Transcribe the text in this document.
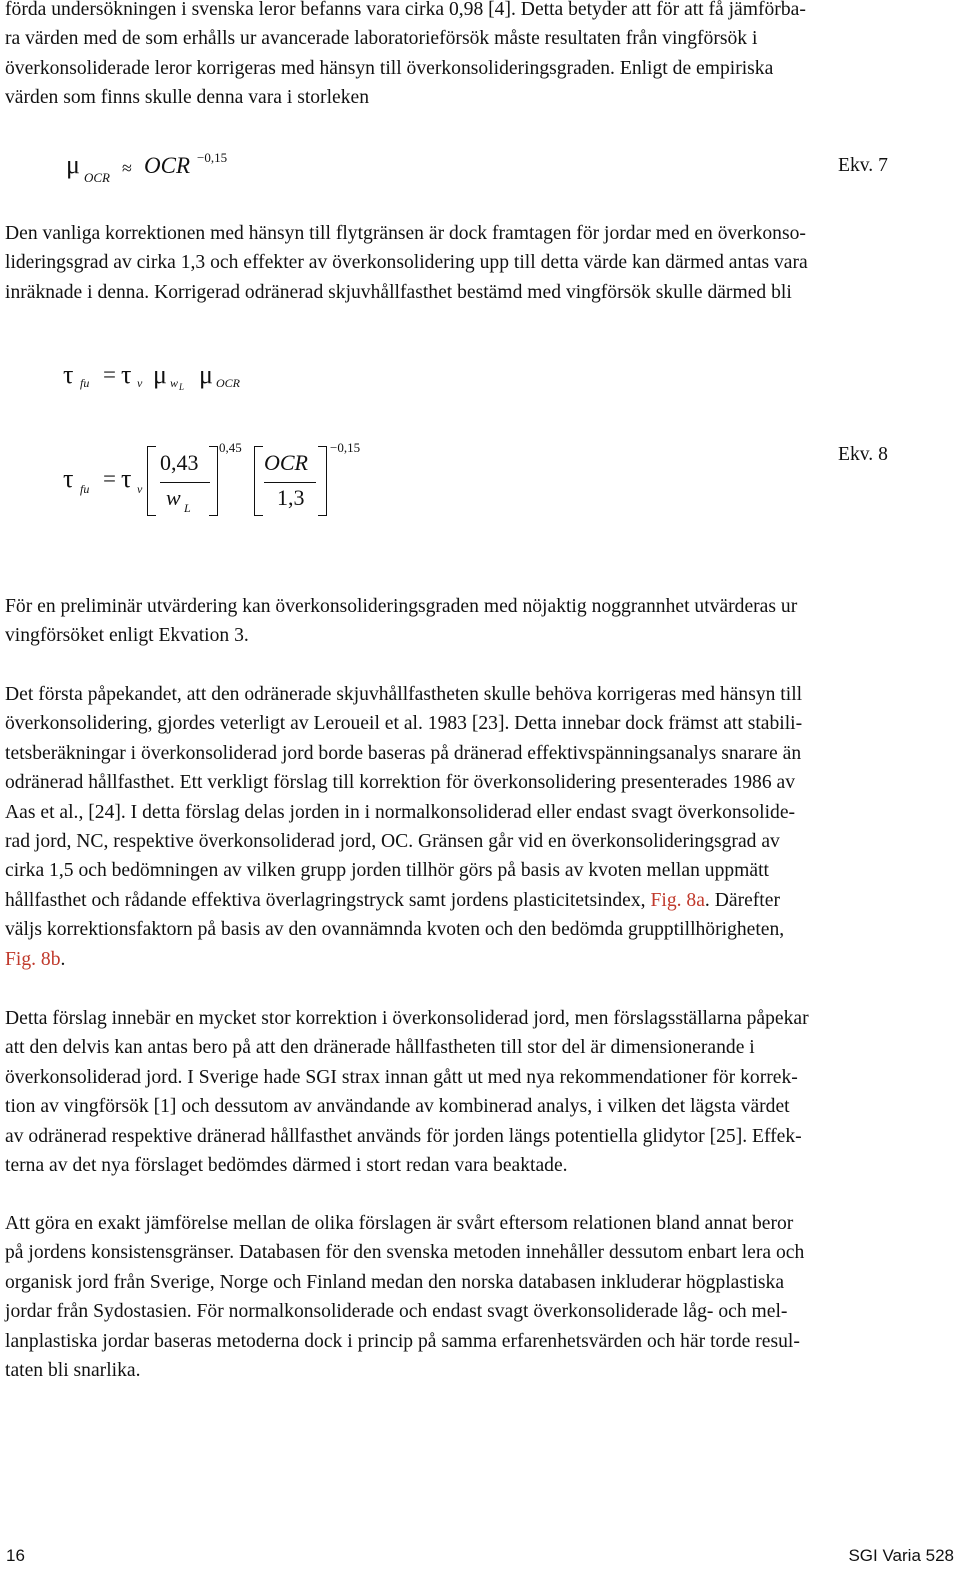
förda undersökningen i svenska leror befanns vara cirka 0,98 [4]. Detta betyder att för att få jämförba-
ra värden med de som erhålls ur avancerade laboratorieförsök måste resultaten från vingförsök i
överkonsoliderade leror korrigeras med hänsyn till överkonsolideringsgraden. Enligt de empiriska
värden som finns skulle denna vara i storleken
μ OCR ≈ OCR −0,15	Ekv. 7
Den vanliga korrektionen med hänsyn till flytgränsen är dock framtagen för jordar med en överkonso-
lideringsgrad av cirka 1,3 och effekter av överkonsolidering upp till detta värde kan därmed antas vara
inräknade i denna. Korrigerad odränerad skjuvhållfasthet bestämd med vingförsök skulle därmed bli
τ fu = τ v μ w L μ OCR
τ fu = τ v
0,43
w L
0,45
OCR
1,3
−0,15	Ekv. 8
För en preliminär utvärdering kan överkonsolideringsgraden med nöjaktig noggrannhet utvärderas ur
vingförsöket enligt Ekvation 3.
Det första påpekandet, att den odränerade skjuvhållfastheten skulle behöva korrigeras med hänsyn till
överkonsolidering, gjordes veterligt av Leroueil et al. 1983 [23]. Detta innebar dock främst att stabili-
tetsberäkningar i överkonsoliderad jord borde baseras på dränerad effektivspänningsanalys snarare än
odränerad hållfasthet. Ett verkligt förslag till korrektion för överkonsolidering presenterades 1986 av
Aas et al., [24]. I detta förslag delas jorden in i normalkonsoliderad eller endast svagt överkonsolide-
rad jord, NC, respektive överkonsoliderad jord, OC. Gränsen går vid en överkonsolideringsgrad av
cirka 1,5 och bedömningen av vilken grupp jorden tillhör görs på basis av kvoten mellan uppmätt
hållfasthet och rådande effektiva överlagringstryck samt jordens plasticitetsindex, Fig. 8a. Därefter
väljs korrektionsfaktorn på basis av den ovannämnda kvoten och den bedömda grupptillhörigheten,
Fig. 8b.
Detta förslag innebär en mycket stor korrektion i överkonsoliderad jord, men förslagsställarna påpekar
att den delvis kan antas bero på att den dränerade hållfastheten till stor del är dimensionerande i
överkonsoliderad jord. I Sverige hade SGI strax innan gått ut med nya rekommendationer för korrek-
tion av vingförsök [1] och dessutom av användande av kombinerad analys, i vilken det lägsta värdet
av odränerad respektive dränerad hållfasthet används för jorden längs potentiella glidytor [25]. Effek-
terna av det nya förslaget bedömdes därmed i stort redan vara beaktade.
Att göra en exakt jämförelse mellan de olika förslagen är svårt eftersom relationen bland annat beror
på jordens konsistensgränser. Databasen för den svenska metoden innehåller dessutom enbart lera och
organisk jord från Sverige, Norge och Finland medan den norska databasen inkluderar högplastiska
jordar från Sydostasien. För normalkonsoliderade och endast svagt överkonsoliderade låg- och mel-
lanplastiska jordar baseras metoderna dock i princip på samma erfarenhetsvärden och här torde resul-
taten bli snarlika.
16	SGI Varia 528
